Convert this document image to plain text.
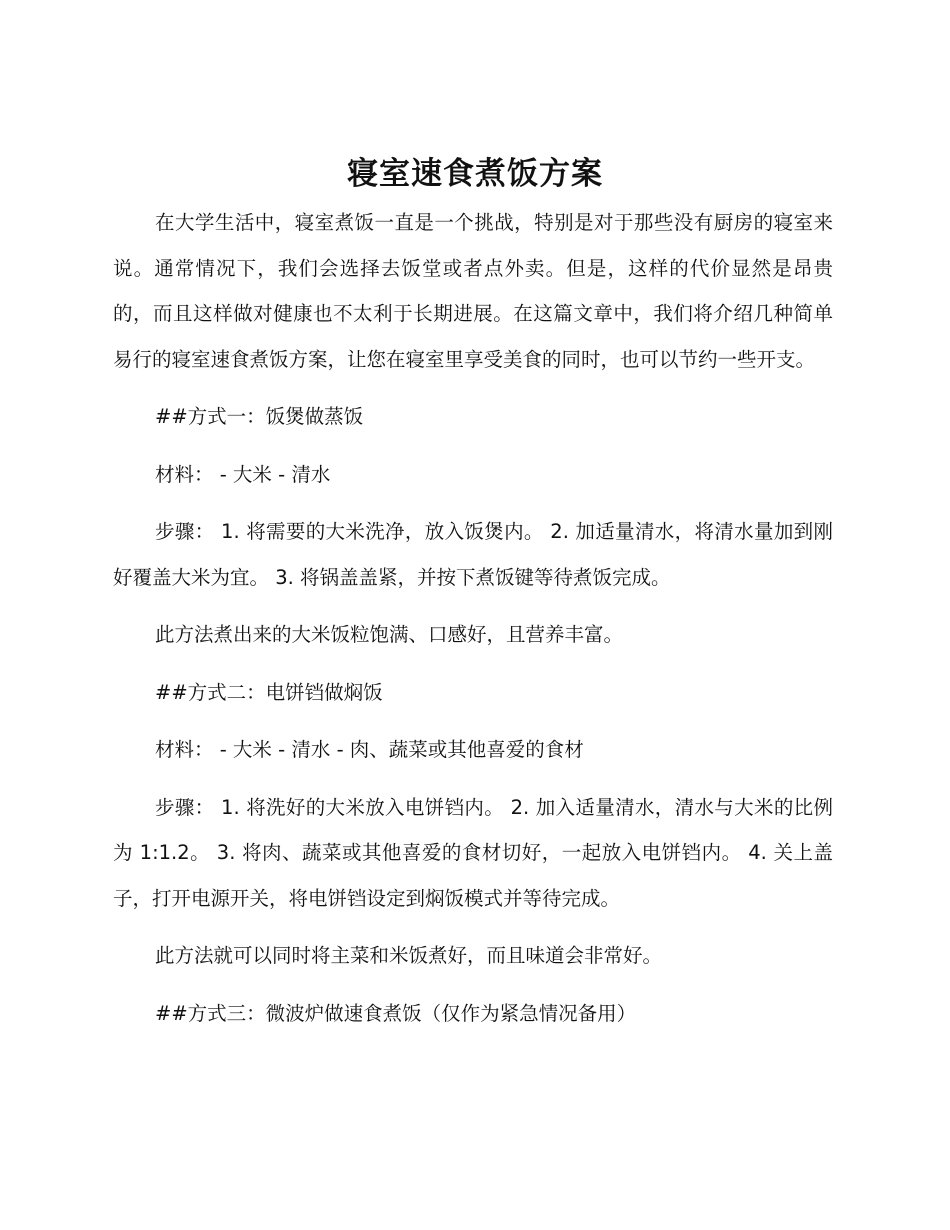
寝室速食煮饭方案

在大学生活中，寝室煮饭一直是一个挑战，特别是对于那些没有厨房的寝室来说。通常情况下，我们会选择去饭堂或者点外卖。但是，这样的代价显然是昂贵的，而且这样做对健康也不太利于长期进展。在这篇文章中，我们将介绍几种简单易行的寝室速食煮饭方案，让您在寝室里享受美食的同时，也可以节约一些开支。

##方式一：饭煲做蒸饭

材料： - 大米 - 清水

步骤： 1. 将需要的大米洗净，放入饭煲内。 2. 加适量清水，将清水量加到刚好覆盖大米为宜。 3. 将锅盖盖紧，并按下煮饭键等待煮饭完成。

此方法煮出来的大米饭粒饱满、口感好，且营养丰富。

##方式二：电饼铛做焖饭

材料： - 大米 - 清水 - 肉、蔬菜或其他喜爱的食材

步骤： 1. 将洗好的大米放入电饼铛内。 2. 加入适量清水，清水与大米的比例为 1:1.2。 3. 将肉、蔬菜或其他喜爱的食材切好，一起放入电饼铛内。 4. 关上盖子，打开电源开关，将电饼铛设定到焖饭模式并等待完成。

此方法就可以同时将主菜和米饭煮好，而且味道会非常好。

##方式三：微波炉做速食煮饭（仅作为紧急情况备用）
